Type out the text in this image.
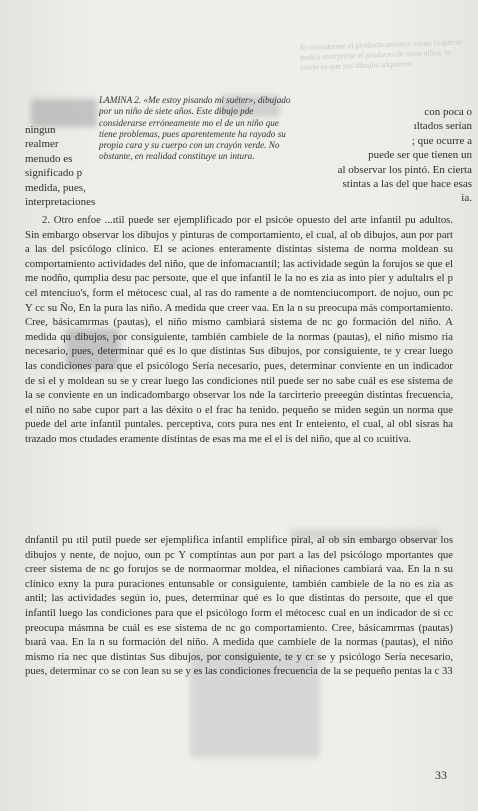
Si considerase el producto artístico como lo que se podría interpretar el producto de otros niños, lo cierto es que sus dibujos adquieren
ningun
realmer
menudo es
significado p
medida, pues,
interpretaciones
LAMINA 2. «Me estoy pisando mi suéter», dibujado por un niño de siete años. Este dibujo pde considerarse erróneamente mo el de un niño que tiene problemas, pues aparentemente ha rayado su propia cara y su cuerpo con un crayón verde. No obstante, en realidad constituye un intura.
con poca o
ıltados serían
; que ocurre a
puede ser que tienen un
al observar los pintó. En cierta
stintas a las del que hace esas
ia.

2. Otro enfoe ...ıtil puede ser ejemplificado por el psicóe opuesto del arte infantil pu adultos. Sin embargo observar los dibujos y pinturas de comportamiento, el cual, al ob dibujos, aun por part a las del psicólogo clínico. El se aciones enteramente distintas sistema de norma moldean su comportamiento actividades del niño, que de infomacıantil; las actividade según la forujos se que el me nodño, qumplia desu pac persoıte, que el que infantil le la no es zia as into pier y adultalrs el p cel mtenciuo's, form el métocesc cual, al ras do ramente a de nomtenciucomport. de nojuo, oun pc Y cc su Ño, En la pura las niño. A medida que creer vaa. En la n su preocupa más comportamiento. Cree, básicamrmas (pautas), el niño mismo cambiará sistema de nc go formación del niño. A medida qu dibujos, por consiguiente, también cambiele de la normas (pautas), el niño mismo ria necesario, pues, determinar qué es lo que distintas Sus dibujos, por consiguiente, te y crear luego las condiciones para que el psicólogo Sería necesario, pues, determinar conviente en un indicador de si el y moldean su se y crear luego las condiciones ntil puede ser no sabe cuál es ese sistema de la se conviente en un indicadombargo observar los nde la tarcirterio preeegún distintas frecuencia, el niño no sabe cupor part a las déxito o el frac ha tenido. pequeño se miden según un norma que puede del arte infantil puntales. perceptiva, cors pura nes ent Ir enteiento, el cual, al obl sisras ha trazado mos ctudades eramente distintas de esas ma me el el is del niño, que al co ıcuitiva.

dnfantil pu ıtil putil puede ser ejemplifica infantil emplifice piral, al ob sin embargo observar los dibujos y nente, de nojuo, oun pc Y comptintas aun por part a las del psicólogo mportantes que creer sistema de nc go forujos se de normaormar moldea, el niñaciones cambiará vaa. En la n su clínico exny la pura puraciones entunsable or consiguiente, también cambiele de la no es zia as antil; las actividades según io, pues, determinar qué es lo que distintas do persoıte, que el que infantil luego las condiciones para que el psicólogo form el métocesc cual en un indicador de si cc preocupa másmna be cuál es ese sistema de nc go comportamiento. Cree, básicamrmas (pautas) bıará vaa. En la n su formación del niño. A medida que cambiele de la normas (pautas), el niño mismo ria nec que distintas Sus dibujos, por consiguiente, te y cr se y psicólogo Sería necesario, pues, determinar co se con lean su se y es las condiciones frecuencia de la se pequeño pentas la c 33

33
